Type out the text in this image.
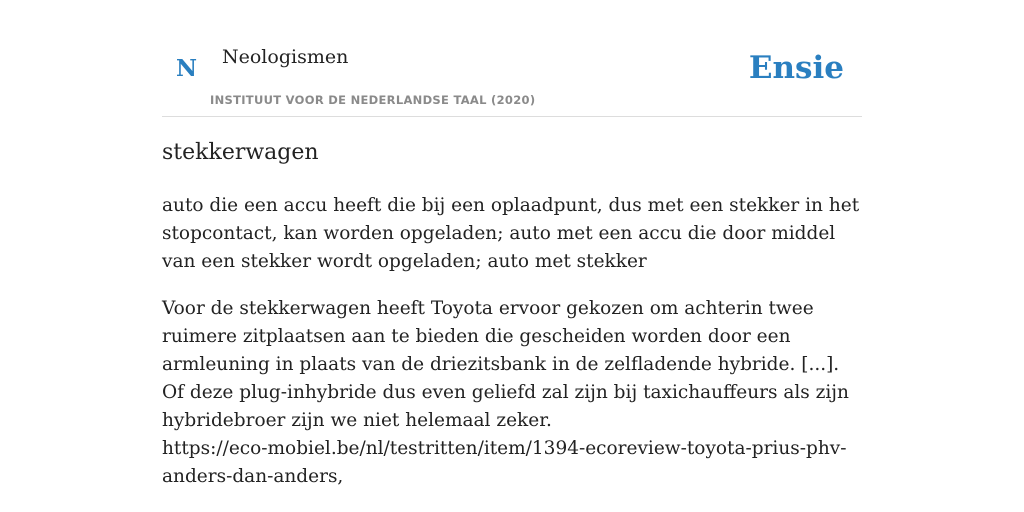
N Neologismen
INSTITUUT VOOR DE NEDERLANDSE TAAL (2020)
Ensie
stekkerwagen

auto die een accu heeft die bij een oplaadpunt, dus met een stekker in het stopcontact, kan worden opgeladen; auto met een accu die door middel van een stekker wordt opgeladen; auto met stekker

Voor de stekkerwagen heeft Toyota ervoor gekozen om achterin twee ruimere zitplaatsen aan te bieden die gescheiden worden door een armleuning in plaats van de driezitsbank in de zelfladende hybride. [...]. Of deze plug-inhybride dus even geliefd zal zijn bij taxichauffeurs als zijn hybridebroer zijn we niet helemaal zeker.
https://eco-mobiel.be/nl/testritten/item/1394-ecoreview-toyota-prius-phv-anders-dan-anders,
